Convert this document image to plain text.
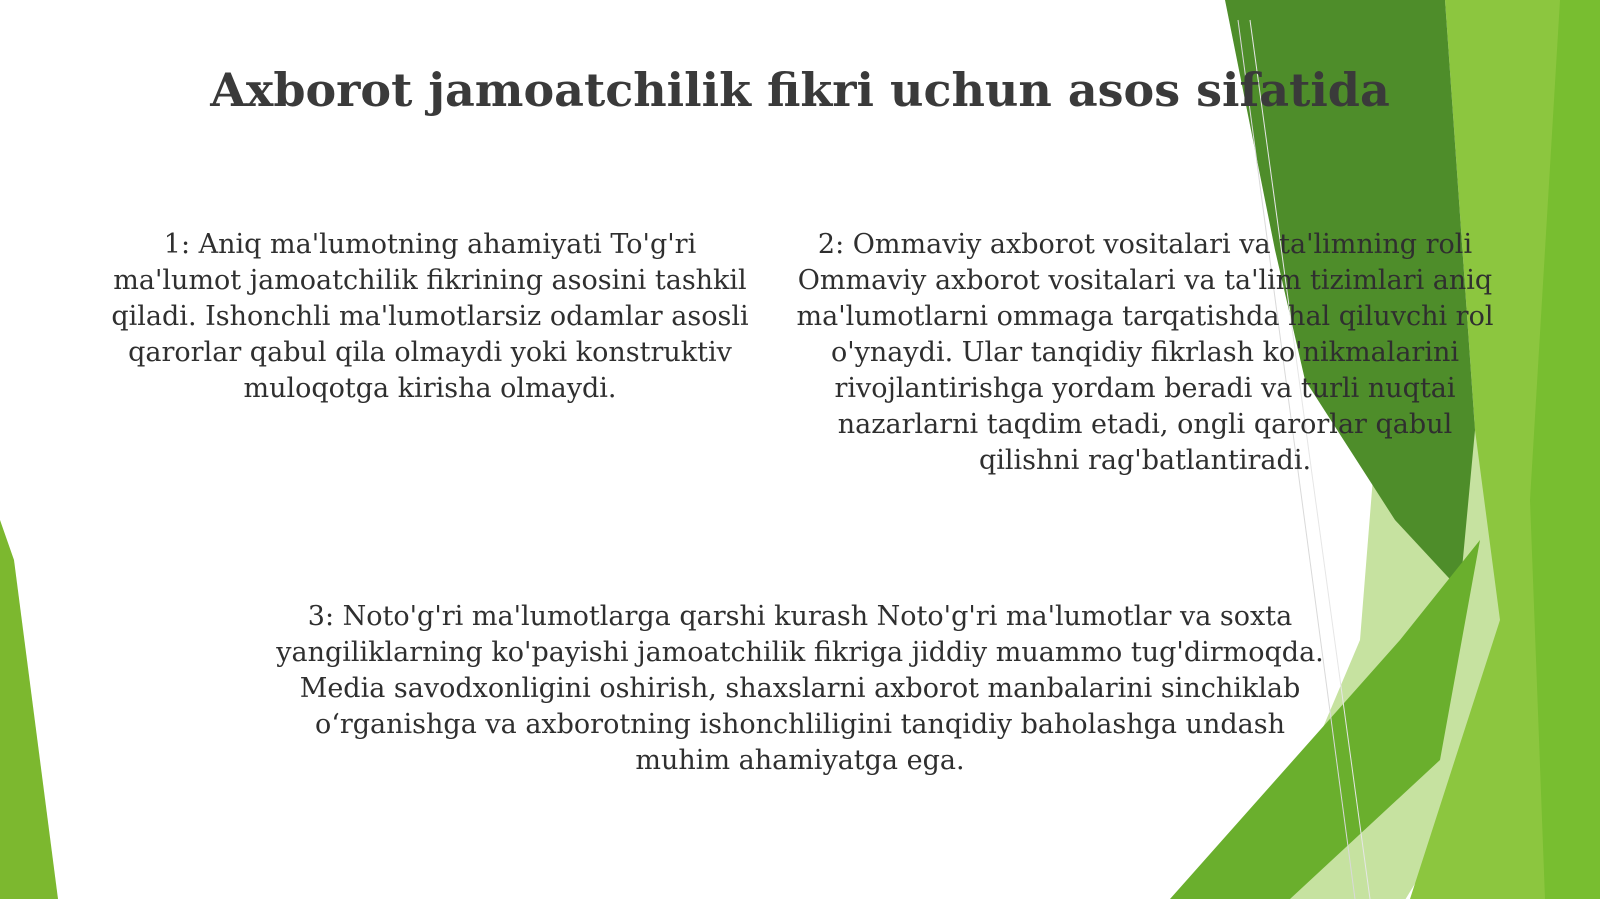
Axborot jamoatchilik fikri uchun asos sifatida

1: Aniq ma'lumotning ahamiyati To'g'ri ma'lumot jamoatchilik fikrining asosini tashkil qiladi. Ishonchli ma'lumotlarsiz odamlar asosli qarorlar qabul qila olmaydi yoki konstruktiv muloqotga kirisha olmaydi.

2: Ommaviy axborot vositalari va ta'limning roli Ommaviy axborot vositalari va ta'lim tizimlari aniq ma'lumotlarni ommaga tarqatishda hal qiluvchi rol o'ynaydi. Ular tanqidiy fikrlash ko'nikmalarini rivojlantirishga yordam beradi va turli nuqtai nazarlarni taqdim etadi, ongli qarorlar qabul qilishni rag'batlantiradi.

3: Noto'g'ri ma'lumotlarga qarshi kurash Noto'g'ri ma'lumotlar va soxta yangiliklarning ko'payishi jamoatchilik fikriga jiddiy muammo tug'dirmoqda. Media savodxonligini oshirish, shaxslarni axborot manbalarini sinchiklab o‘rganishga va axborotning ishonchliligini tanqidiy baholashga undash muhim ahamiyatga ega.
